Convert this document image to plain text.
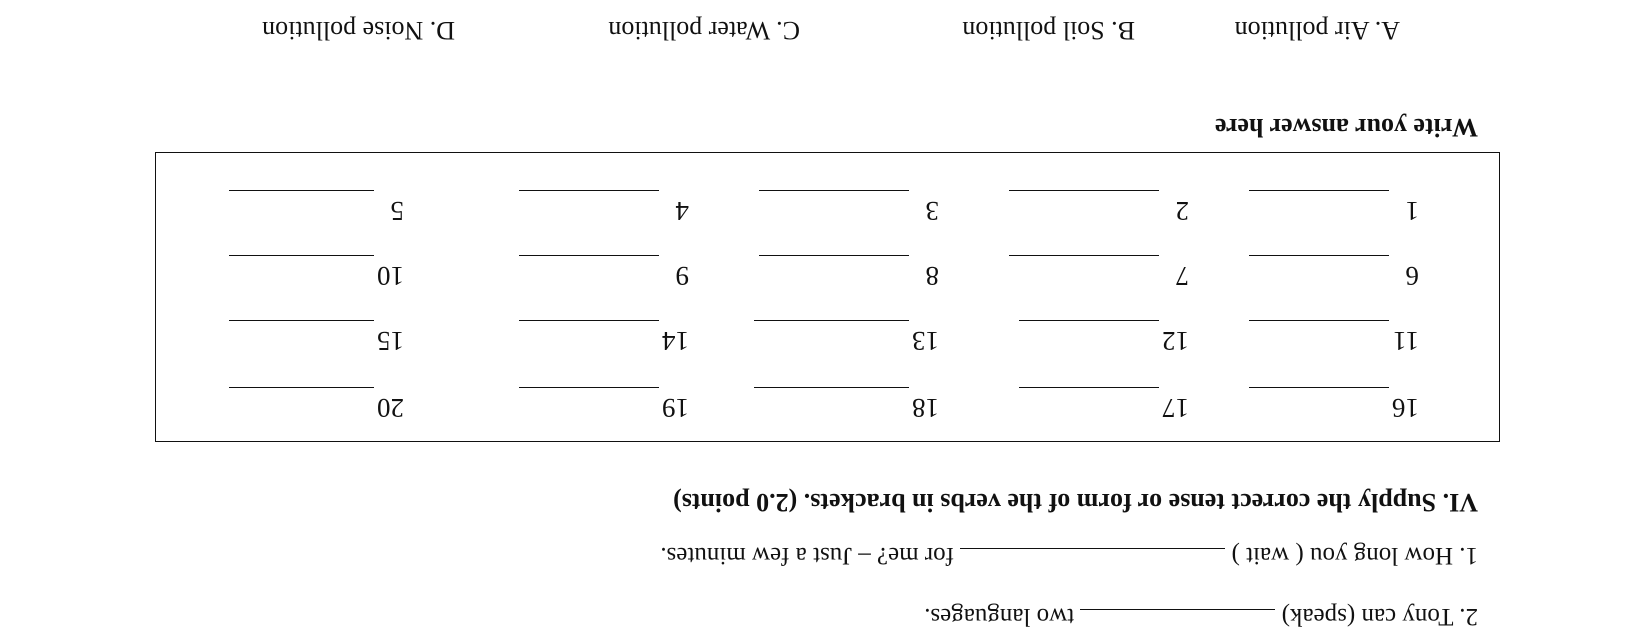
2. Tony can (speak)  two languages.
1. How long you ( wait )  for me? – Just a few minutes.
VI. Supply the correct tense or form of the verbs in brackets. (2.0 points)
16
17
18
19
20
11
12
13
14
15
6
7
8
9
10
1
2
3
4
5
Write your answer here
A. Air pollution
B. Soil pollution
C. Water pollution
D. Noise pollution
